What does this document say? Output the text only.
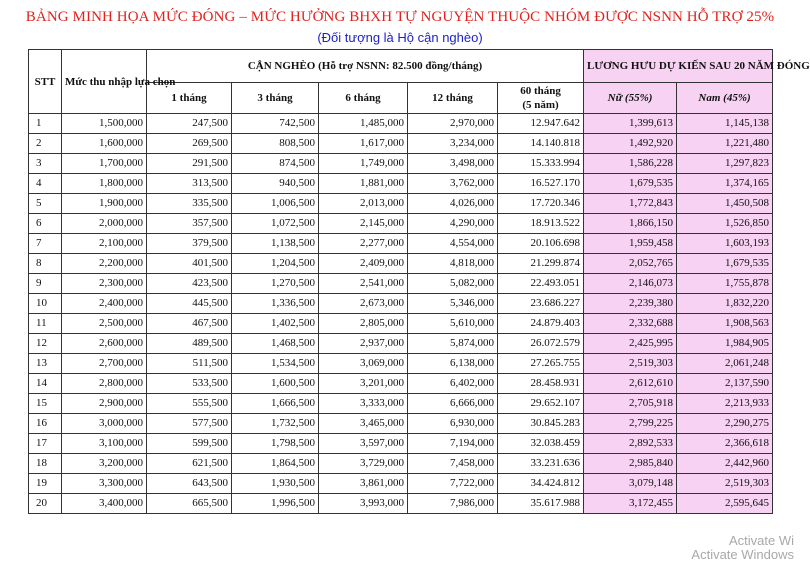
BẢNG MINH HỌA MỨC ĐÓNG – MỨC HƯỞNG BHXH TỰ NGUYỆN THUỘC NHÓM ĐƯỢC NSNN HỖ TRỢ 25%
(Đối tượng là Hộ cận nghèo)
STT	Mức thu nhập lựa chọn	CẬN NGHÈO (Hỗ trợ NSNN: 82.500 đồng/tháng)					LƯƠNG HƯU DỰ KIẾN SAU 20 NĂM ĐÓNG	
		1 tháng	3 tháng	6 tháng	12 tháng	60 tháng
(5 năm)	Nữ (55%)	Nam (45%)
1	1,500,000	247,500	742,500	1,485,000	2,970,000	12.947.642	1,399,613	1,145,138
2	1,600,000	269,500	808,500	1,617,000	3,234,000	14.140.818	1,492,920	1,221,480
3	1,700,000	291,500	874,500	1,749,000	3,498,000	15.333.994	1,586,228	1,297,823
4	1,800,000	313,500	940,500	1,881,000	3,762,000	16.527.170	1,679,535	1,374,165
5	1,900,000	335,500	1,006,500	2,013,000	4,026,000	17.720.346	1,772,843	1,450,508
6	2,000,000	357,500	1,072,500	2,145,000	4,290,000	18.913.522	1,866,150	1,526,850
7	2,100,000	379,500	1,138,500	2,277,000	4,554,000	20.106.698	1,959,458	1,603,193
8	2,200,000	401,500	1,204,500	2,409,000	4,818,000	21.299.874	2,052,765	1,679,535
9	2,300,000	423,500	1,270,500	2,541,000	5,082,000	22.493.051	2,146,073	1,755,878
10	2,400,000	445,500	1,336,500	2,673,000	5,346,000	23.686.227	2,239,380	1,832,220
11	2,500,000	467,500	1,402,500	2,805,000	5,610,000	24.879.403	2,332,688	1,908,563
12	2,600,000	489,500	1,468,500	2,937,000	5,874,000	26.072.579	2,425,995	1,984,905
13	2,700,000	511,500	1,534,500	3,069,000	6,138,000	27.265.755	2,519,303	2,061,248
14	2,800,000	533,500	1,600,500	3,201,000	6,402,000	28.458.931	2,612,610	2,137,590
15	2,900,000	555,500	1,666,500	3,333,000	6,666,000	29.652.107	2,705,918	2,213,933
16	3,000,000	577,500	1,732,500	3,465,000	6,930,000	30.845.283	2,799,225	2,290,275
17	3,100,000	599,500	1,798,500	3,597,000	7,194,000	32.038.459	2,892,533	2,366,618
18	3,200,000	621,500	1,864,500	3,729,000	7,458,000	33.231.636	2,985,840	2,442,960
19	3,300,000	643,500	1,930,500	3,861,000	7,722,000	34.424.812	3,079,148	2,519,303
20	3,400,000	665,500	1,996,500	3,993,000	7,986,000	35.617.988	3,172,455	2,595,645
Activate Wi
Activate Windows
